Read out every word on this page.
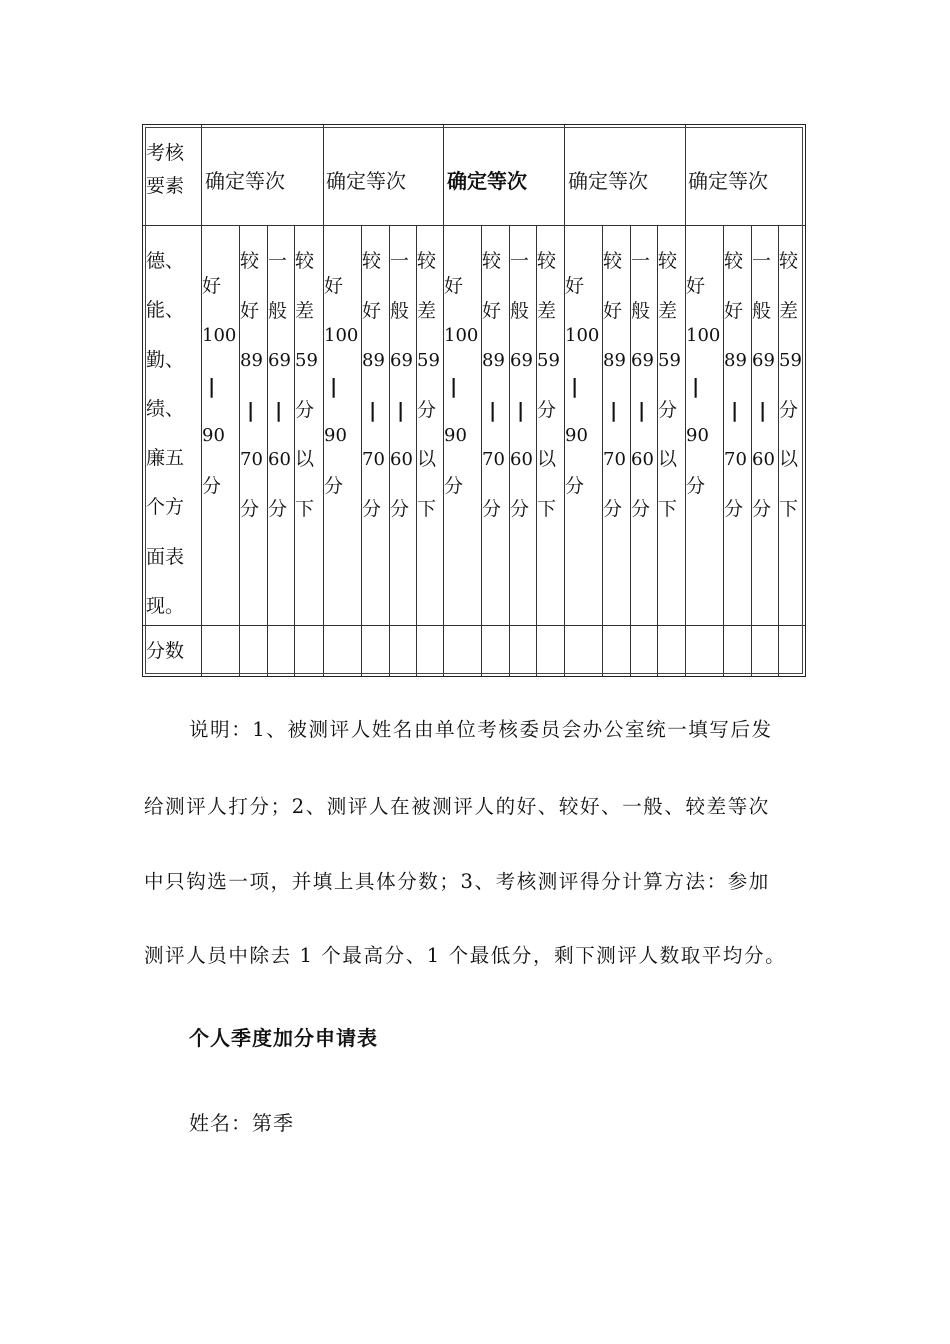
考核
要素 确定等次 确定等次 确定等次 确定等次 确定等次
德、
能、
勤、
绩、
廉五
个方
面表
现。
分数
好
100
|
90
分
较
好
89
|
70
分
一
般
69
|
60
分
较
差
59
分
以
下
好
100
|
90
分
较
好
89
|
70
分
一
般
69
|
60
分
较
差
59
分
以
下
好
100
|
90
分
较
好
89
|
70
分
一
般
69
|
60
分
较
差
59
分
以
下
好
100
|
90
分
较
好
89
|
70
分
一
般
69
|
60
分
较
差
59
分
以
下
好
100
|
90
分
较
好
89
|
70
分
一
般
69
|
60
分
较
差
59
分
以
下
说明：1、被测评人姓名由单位考核委员会办公室统一填写后发
给测评人打分；2、测评人在被测评人的好、较好、一般、较差等次
中只钩选一项，并填上具体分数；3、考核测评得分计算方法：参加
测评人员中除去 1 个最高分、1 个最低分，剩下测评人数取平均分。
个人季度加分申请表
姓名：第季
